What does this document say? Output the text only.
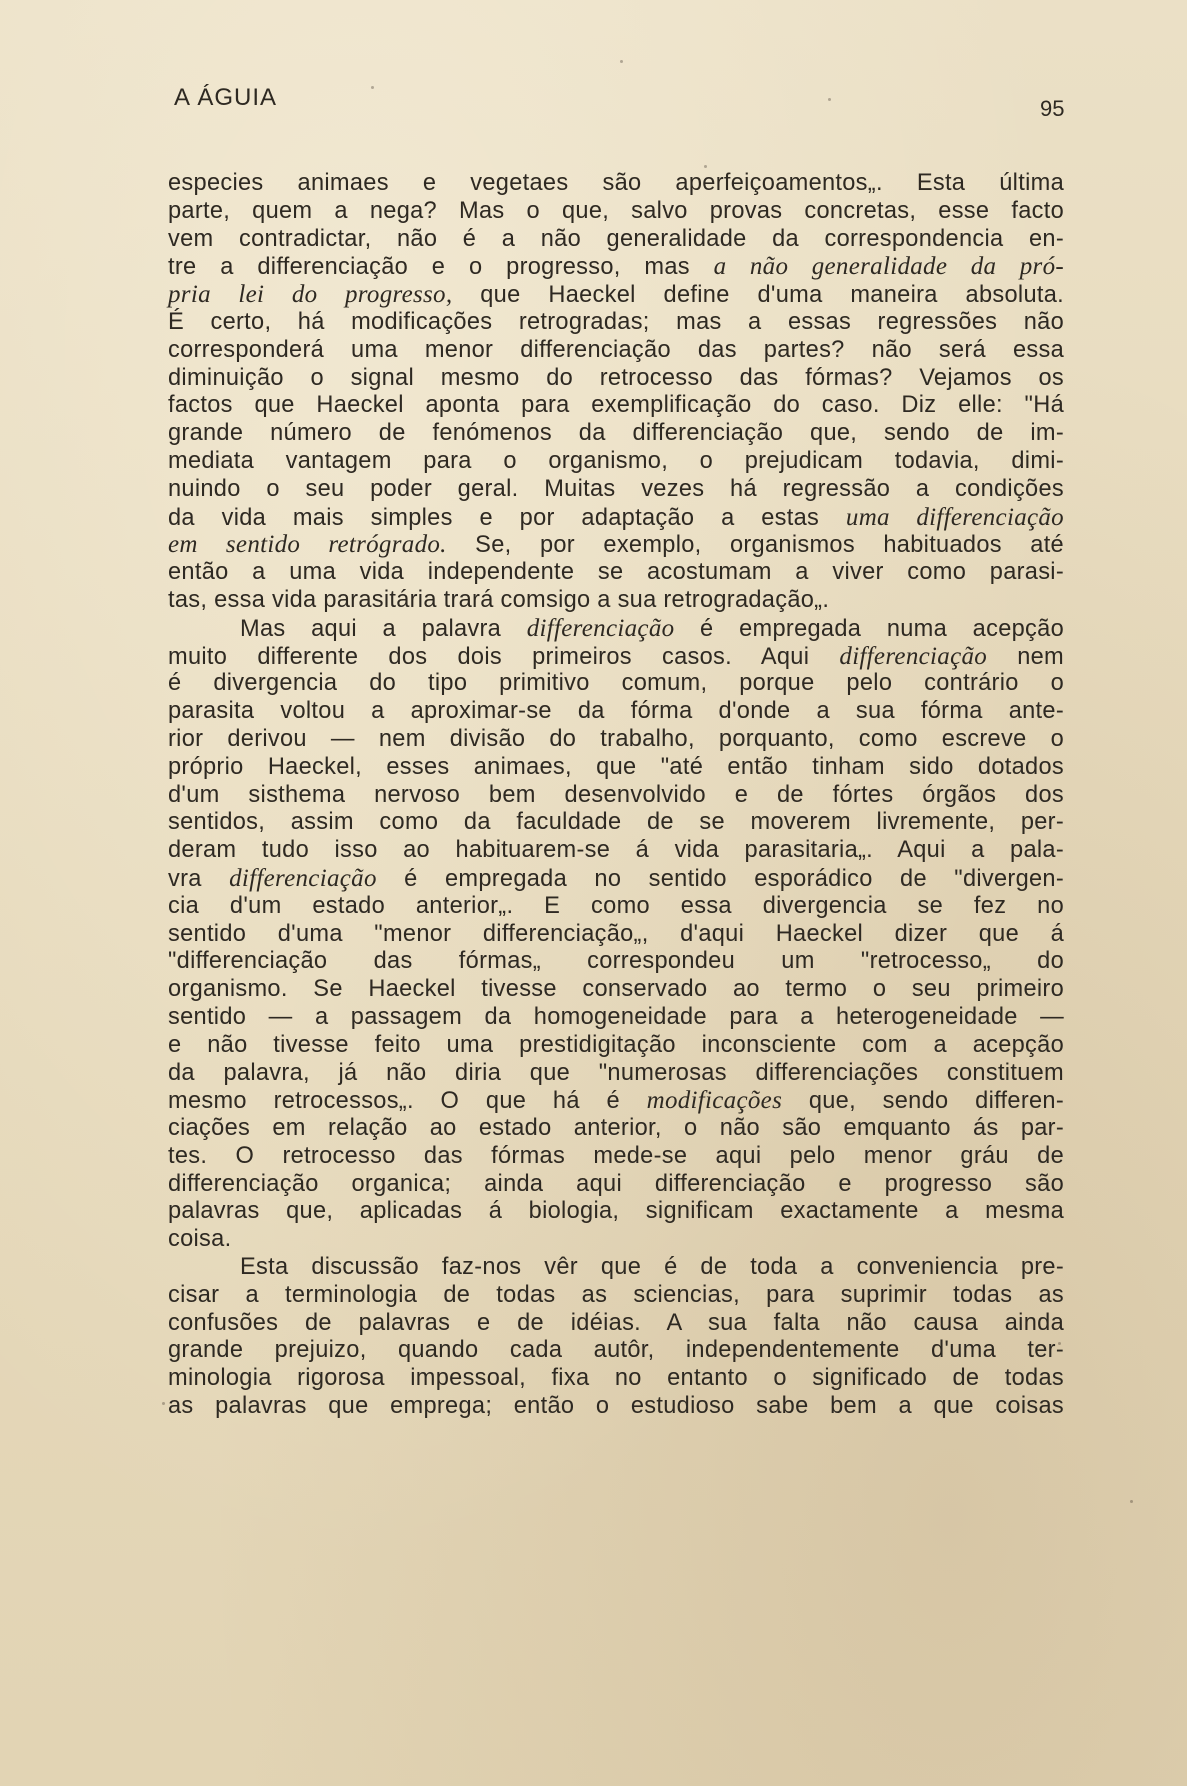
A ÁGUIA	95
especies animaes e vegetaes são aperfeiçoamentos„. Esta última
parte, quem a nega? Mas o que, salvo provas concretas, esse facto
vem contradictar, não é a não generalidade da correspondencia en-
tre a differenciação e o progresso, mas a não generalidade da pró-
pria lei do progresso, que Haeckel define d'uma maneira absoluta.
É certo, há modificações retrogradas; mas a essas regressões não
corresponderá uma menor differenciação das partes? não será essa
diminuição o signal mesmo do retrocesso das fórmas? Vejamos os
factos que Haeckel aponta para exemplificação do caso. Diz elle: "Há
grande número de fenómenos da differenciação que, sendo de im-
mediata vantagem para o organismo, o prejudicam todavia, dimi-
nuindo o seu poder geral. Muitas vezes há regressão a condições
da vida mais simples e por adaptação a estas uma differenciação
em sentido retrógrado. Se, por exemplo, organismos habituados até
então a uma vida independente se acostumam a viver como parasi-
tas, essa vida parasitária trará comsigo a sua retrogradação„.
Mas aqui a palavra differenciação é empregada numa acepção
muito differente dos dois primeiros casos. Aqui differenciação nem
é divergencia do tipo primitivo comum, porque pelo contrário o
parasita voltou a aproximar-se da fórma d'onde a sua fórma ante-
rior derivou — nem divisão do trabalho, porquanto, como escreve o
próprio Haeckel, esses animaes, que "até então tinham sido dotados
d'um sisthema nervoso bem desenvolvido e de fórtes órgãos dos
sentidos, assim como da faculdade de se moverem livremente, per-
deram tudo isso ao habituarem-se á vida parasitaria„. Aqui a pala-
vra differenciação é empregada no sentido esporádico de "divergen-
cia d'um estado anterior„. E como essa divergencia se fez no
sentido d'uma "menor differenciação„, d'aqui Haeckel dizer que á
"differenciação das fórmas„ correspondeu um "retrocesso„ do
organismo. Se Haeckel tivesse conservado ao termo o seu primeiro
sentido — a passagem da homogeneidade para a heterogeneidade —
e não tivesse feito uma prestidigitação inconsciente com a acepção
da palavra, já não diria que "numerosas differenciações constituem
mesmo retrocessos„. O que há é modificações que, sendo differen-
ciações em relação ao estado anterior, o não são emquanto ás par-
tes. O retrocesso das fórmas mede-se aqui pelo menor gráu de
differenciação organica; ainda aqui differenciação e progresso são
palavras que, aplicadas á biologia, significam exactamente a mesma
coisa.
Esta discussão faz-nos vêr que é de toda a conveniencia pre-
cisar a terminologia de todas as sciencias, para suprimir todas as
confusões de palavras e de idéias. A sua falta não causa ainda
grande prejuizo, quando cada autôr, independentemente d'uma ter-
minologia rigorosa impessoal, fixa no entanto o significado de todas
as palavras que emprega; então o estudioso sabe bem a que coisas
